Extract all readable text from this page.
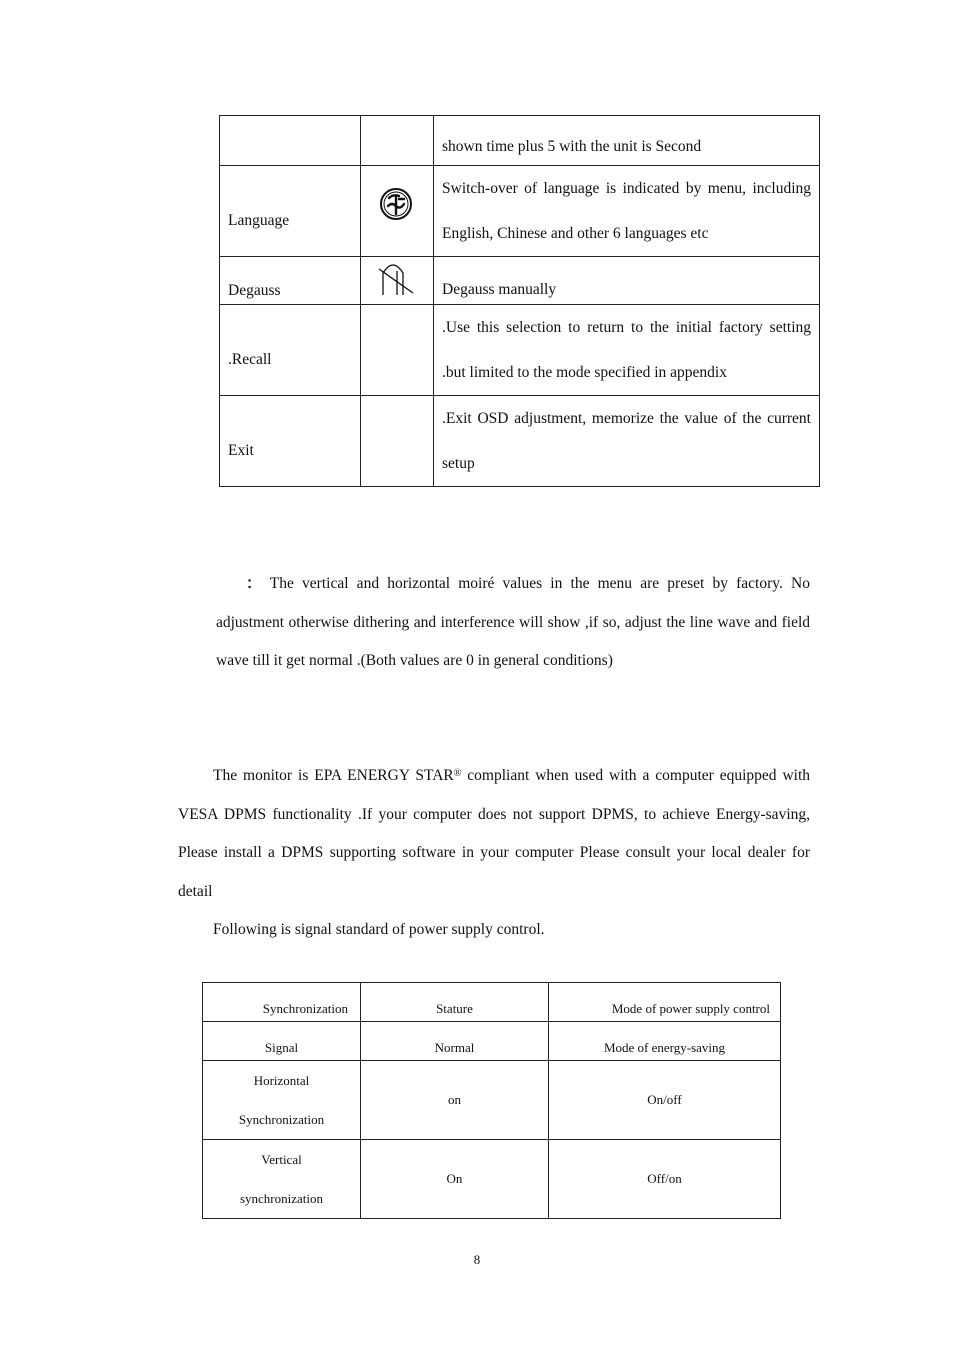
		shown time plus 5 with the unit is Second
Language		Switch-over of language is indicated by menu, including English, Chinese and other 6 languages etc
Degauss		Degauss manually
.Recall		.Use this selection to return to the initial factory setting .but limited to the mode specified in appendix
Exit		.Exit OSD adjustment, memorize the value of the current setup

： The vertical and horizontal moiré values in the menu are preset by factory. No adjustment otherwise dithering and interference will show ,if so, adjust the line wave and field wave till it get normal .(Both values are 0 in general conditions)

The monitor is EPA ENERGY STAR® compliant when used with a computer equipped with VESA DPMS functionality .If your computer does not support DPMS, to achieve Energy-saving, Please install a DPMS supporting software in your computer Please consult your local dealer for detail

Following is signal standard of power supply control.

Synchronization	Stature	Mode of power supply control
Signal	Normal	Mode of energy-saving

Horizontal
Synchronization	on	On/off

Vertical
synchronization	On	Off/on
8
